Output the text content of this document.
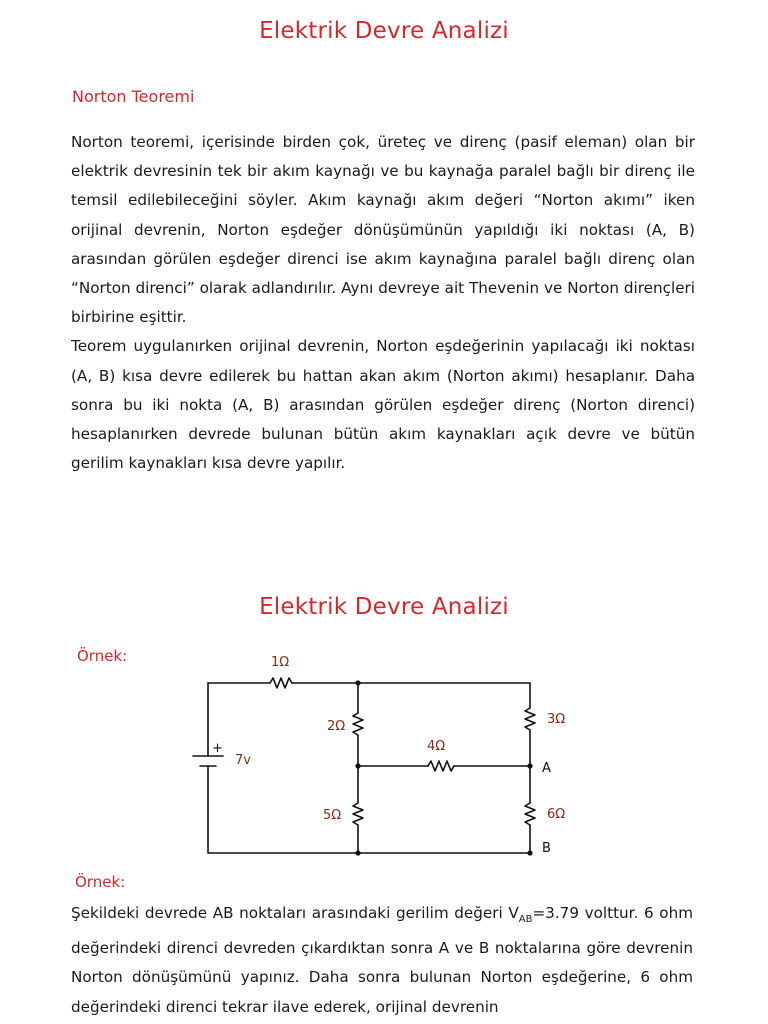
Elektrik Devre Analizi
Norton Teoremi

Norton teoremi, içerisinde birden çok, üreteç ve direnç (pasif eleman) olan bir elektrik devresinin tek bir akım kaynağı ve bu kaynağa paralel bağlı bir direnç ile temsil edilebileceğini söyler. Akım kaynağı akım değeri “Norton akımı” iken orijinal devrenin, Norton eşdeğer dönüşümünün yapıldığı iki noktası (A, B) arasından görülen eşdeğer direnci ise akım kaynağına paralel bağlı direnç olan “Norton direnci” olarak adlandırılır. Aynı devreye ait Thevenin ve Norton dirençleri birbirine eşittir.

Teorem uygulanırken orijinal devrenin, Norton eşdeğerinin yapılacağı iki noktası (A, B) kısa devre edilerek bu hattan akan akım (Norton akımı) hesaplanır. Daha sonra bu iki nokta (A, B) arasından görülen eşdeğer direnç (Norton direnci) hesaplanırken devrede bulunan bütün akım kaynakları açık devre ve bütün gerilim kaynakları kısa devre yapılır.

Elektrik Devre Analizi
Örnek:	1Ω
2Ω
5Ω
4Ω
3Ω
6Ω
7v
+
A
B
Örnek:

Şekildeki devrede AB noktaları arasındaki gerilim değeri $V_{AB}=3.79$ volttur. 6 ohm değerindeki direnci devreden çıkardıktan sonra A ve B noktalarına göre devrenin Norton dönüşümünü yapınız. Daha sonra bulunan Norton eşdeğerine, 6 ohm değerindeki direnci tekrar ilave ederek, orijinal devrenin
